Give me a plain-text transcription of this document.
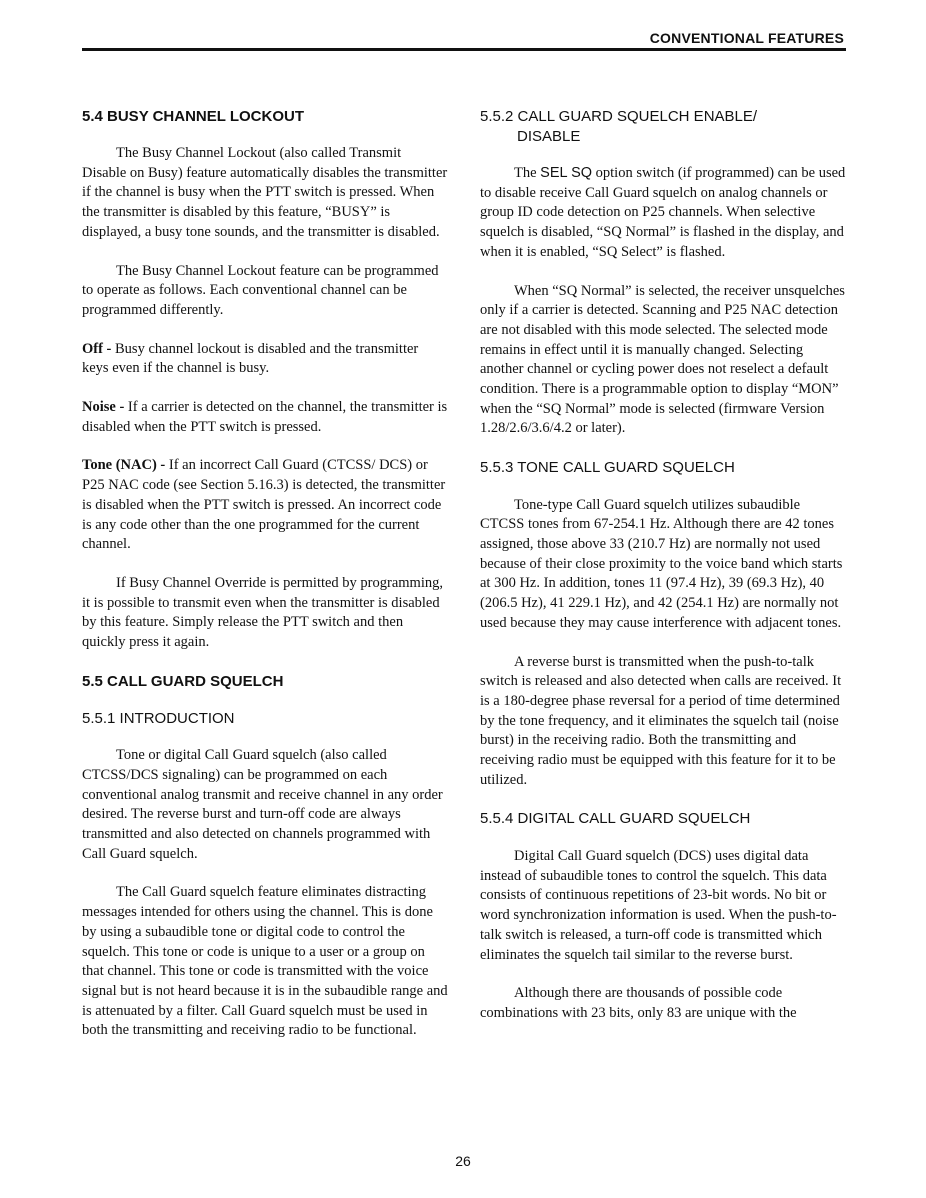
CONVENTIONAL FEATURES
5.4 BUSY CHANNEL LOCKOUT

The Busy Channel Lockout (also called Transmit Disable on Busy) feature automatically disables the transmitter if the channel is busy when the PTT switch is pressed. When the transmitter is disabled by this feature, “BUSY” is displayed, a busy tone sounds, and the transmitter is disabled.

The Busy Channel Lockout feature can be programmed to operate as follows. Each conventional channel can be programmed differently.

Off - Busy channel lockout is disabled and the transmitter keys even if the channel is busy.

Noise - If a carrier is detected on the channel, the transmitter is disabled when the PTT switch is pressed.

Tone (NAC) - If an incorrect Call Guard (CTCSS/ DCS) or P25 NAC code (see Section 5.16.3) is detected, the transmitter is disabled when the PTT switch is pressed. An incorrect code is any code other than the one programmed for the current channel.

If Busy Channel Override is permitted by programming, it is possible to transmit even when the transmitter is disabled by this feature. Simply release the PTT switch and then quickly press it again.

5.5 CALL GUARD SQUELCH
5.5.1 INTRODUCTION

Tone or digital Call Guard squelch (also called CTCSS/DCS signaling) can be programmed on each conventional analog transmit and receive channel in any order desired. The reverse burst and turn-off code are always transmitted and also detected on channels programmed with Call Guard squelch.

The Call Guard squelch feature eliminates distracting messages intended for others using the channel. This is done by using a subaudible tone or digital code to control the squelch. This tone or code is unique to a user or a group on that channel. This tone or code is transmitted with the voice signal but is not heard because it is in the subaudible range and is attenuated by a filter. Call Guard squelch must be used in both the transmitting and receiving radio to be functional.

5.5.2 CALL GUARD SQUELCH ENABLE/
DISABLE

The SEL SQ option switch (if programmed) can be used to disable receive Call Guard squelch on analog channels or group ID code detection on P25 channels. When selective squelch is disabled, “SQ Normal” is flashed in the display, and when it is enabled, “SQ Select” is flashed.

When “SQ Normal” is selected, the receiver unsquelches only if a carrier is detected. Scanning and P25 NAC detection are not disabled with this mode selected. The selected mode remains in effect until it is manually changed. Selecting another channel or cycling power does not reselect a default condition. There is a programmable option to display “MON” when the “SQ Normal” mode is selected (firmware Version 1.28/2.6/3.6/4.2 or later).

5.5.3 TONE CALL GUARD SQUELCH

Tone-type Call Guard squelch utilizes subaudible CTCSS tones from 67-254.1 Hz. Although there are 42 tones assigned, those above 33 (210.7 Hz) are normally not used because of their close proximity to the voice band which starts at 300 Hz. In addition, tones 11 (97.4 Hz), 39 (69.3 Hz), 40 (206.5 Hz), 41 229.1 Hz), and 42 (254.1 Hz) are normally not used because they may cause interference with adjacent tones.

A reverse burst is transmitted when the push-to-talk switch is released and also detected when calls are received. It is a 180-degree phase reversal for a period of time determined by the tone frequency, and it eliminates the squelch tail (noise burst) in the receiving radio. Both the transmitting and receiving radio must be equipped with this feature for it to be utilized.

5.5.4 DIGITAL CALL GUARD SQUELCH

Digital Call Guard squelch (DCS) uses digital data instead of subaudible tones to control the squelch. This data consists of continuous repetitions of 23-bit words. No bit or word synchronization information is used. When the push-to-talk switch is released, a turn-off code is transmitted which eliminates the squelch tail similar to the reverse burst.

Although there are thousands of possible code combinations with 23 bits, only 83 are unique with the

26
